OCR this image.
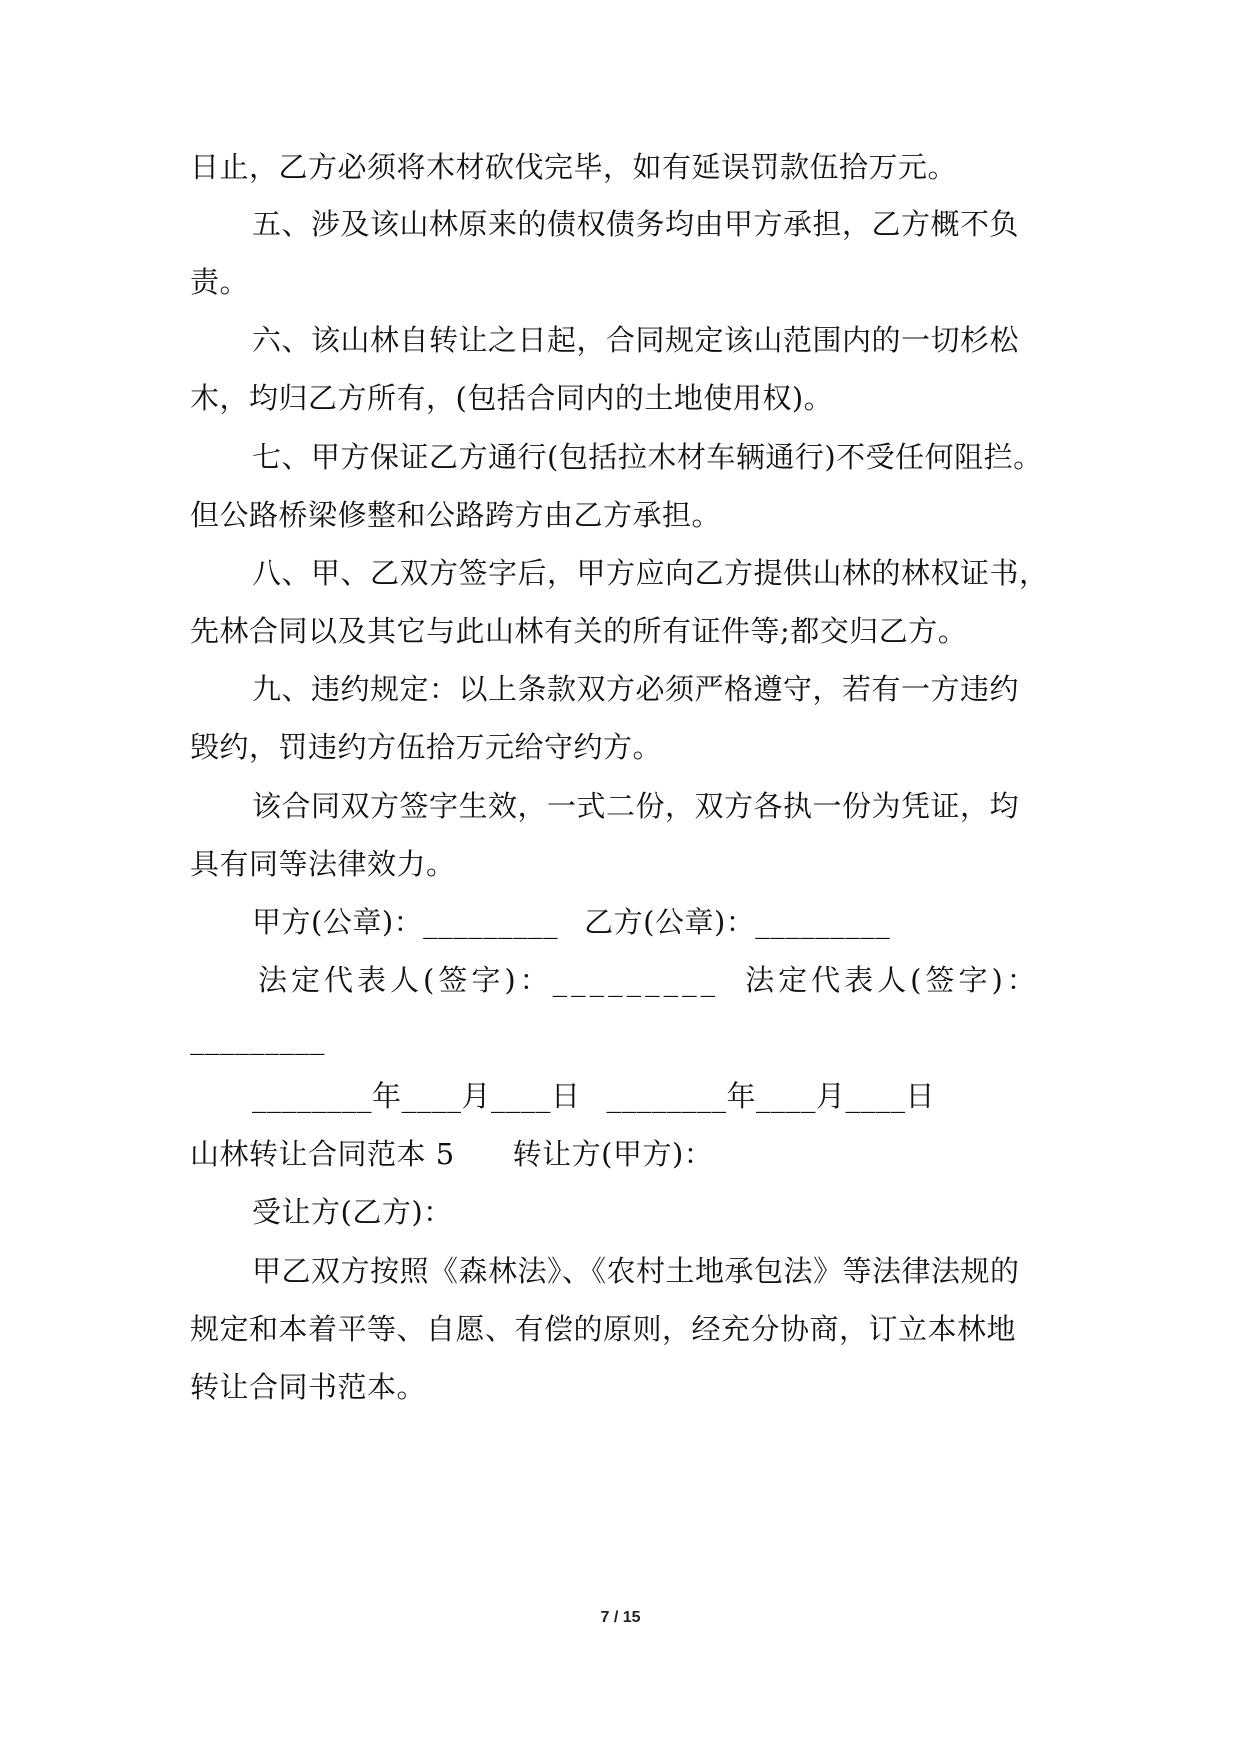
日止，乙方必须将木材砍伐完毕，如有延误罚款伍拾万元。
五、涉及该山林原来的债权债务均由甲方承担，乙方概不负
责。
六、该山林自转让之日起，合同规定该山范围内的一切杉松
木，均归乙方所有，(包括合同内的土地使用权)。
七、甲方保证乙方通行(包括拉木材车辆通行)不受任何阻拦。
但公路桥梁修整和公路跨方由乙方承担。
八、甲、乙双方签字后，甲方应向乙方提供山林的林权证书，
先林合同以及其它与此山林有关的所有证件等;都交归乙方。
九、违约规定：以上条款双方必须严格遵守，若有一方违约
毁约，罚违约方伍拾万元给守约方。
该合同双方签字生效，一式二份，双方各执一份为凭证，均
具有同等法律效力。
甲方(公章)：_________ 乙方(公章)：_________
法定代表人(签字)：_________ 法定代表人(签字)：
_________
________年____月____日 ________年____月____日
山林转让合同范本 5 转让方(甲方)：
受让方(乙方)：
甲乙双方按照《森林法》、《农村土地承包法》等法律法规的
规定和本着平等、自愿、有偿的原则，经充分协商，订立本林地
转让合同书范本。
7 / 15
